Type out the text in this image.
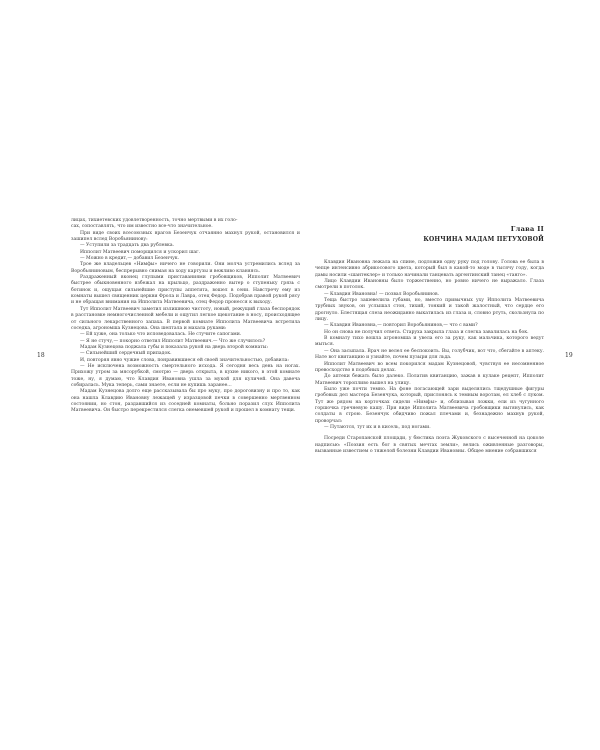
18	19

лицах, тихиетевских удовлетворенность, точно мертвыми в их голо-

сах, сопоставлять, что им известно все-что значительное.

При виде своих всесоюзных врагов Безенчук отчаянно махнул рукой, остановился и зашипел вслед Воробьянинову:

— Уступили за традцать два рублевка.

Ипполит Матвеевич поморщился и ускорил шаг.

— Можно в кредит,— добавил Безенчук.

Трое же владельцев «Нимфы» ничего не говорили. Они молча устремились вслед за Воробьяниновым, беспрерывно снимая на ходу картузы и вежливо кланяясь.

Раздраженный вконец глупыми приставаниями гробовщиков, Ипполит Матвеевич быстрее обыкновенного взбежал на крыльцо, раздраженно вытер о ступеньку грязь с ботинок и, ощущая сильнейшие приступы аппетита, вошел в сени. Навстречу ему из комнаты вышел священник церкви Фрола и Лавра, отец Федор. Подобрав правой рукой рясу и не обращая внимания на Ипполита Матвеевича, отец Федор пронесся к выходу.

Тут Ипполит Матвеевич заметил излишнюю чистоту, новый, режущий глаза беспорядок в расстановке немногочисленной мебели и ощутил легкое щекотание в носу, происходящее от сильного лекарственного запаха. В первой комнате Ипполита Матвеевича встретила соседка, агрономша Кузнецова. Она шептала и махала руками:

— Ей хуже, она только что исповедовалась. Не стучите сапогами.

— Я не стучу,— покорно ответил Ипполит Матвеевич.— Что же случилось?

Мадам Кузнецова поджала губы и показала рукой на дверь второй комнаты:

— Сильнейший сердечный припадок.

И, повторяя явно чужие слова, понравившиеся ей своей значительностью, добавила:

— Не исключена возможность смертельного исхода. Я сегодня весь день на ногах. Прихожу утром за мясорубкой, смотрю — дверь открыта, в кухне никого, в этой комнате тоже, ну, я думаю, что Клавдия Ивановна ушла за мукой для куличей. Она давеча собиралась. Мука теперь, сами знаете, если не купишь заранее...

Мадам Кузнецова долго еще рассказывала бы про муку, про дороговизну и про то, как она нашла Клавдию Ивановну лежащей у изразцовой печки в совершенно мертвенном состоянии, но стон, раздавшийся из соседней комнаты, больно поразил слух Ипполита Матвеевича. Он быстро перекрестился слегка онемевшей рукой и прошел в комнату тещи.

Глава II
КОНЧИНА МАДАМ ПЕТУХОВОЙ

Клавдия Ивановна лежала на спине, подложив одну руку под голову. Голова ее была в чепце интенсивно абрикосового цвета, который был в какой-то моде в тысячу году, когда дамы носили «шантеклер» и только начинали танцевать аргентинский танец «танго».

Лицо Клавдии Ивановны было торжественно, но ровно ничего не выражало. Глаза смотрели в потолок.

— Клавдия Ивановна! — позвал Воробьянинов.

Теща быстро зашевелила губами, но, вместо привычных уху Ипполита Матвеевича трубных звуков, он услышал стон, тихий, тонкий и такой жалостный, что сердце его дрогнуло. Блестящая слеза неожиданно выкатилась из глаза и, словно ртуть, скользнула по лицу.

— Клавдия Ивановна,— повторил Воробьянинов,— что с вами?

Но он снова не получил ответа. Старуха закрыла глаза и слегка завалилась на бок.

В комнату тихо вошла агрономша и увела его за руку, как мальчика, которого ведут мыться.

— Она засыпала. Врач не велел ее беспокоить. Вы, голубчик, вот что, сбегайте в аптеку. Нате вот квитанцию и узнайте, почем пузыри для льда.

Ипполит Матвеевич во всем покорился мадам Кузнецовой, чувствуя ее несомненное превосходство в подобных делах.

До аптеки бежать было далеко. Полатив квитанцию, зажав в кулаке рецепт, Ипполит Матвеевич торопливо вышел на улицу.

Было уже почти темно. На фоне погасающей зари выделялись тщедушные фигуры гробовых дел мастера Безенчука, который, прислонясь к темным воротам, ел хлеб с луком. Тут же рядом на корточках сидели «Нимфы» и, облизывая ложки, ели из чугунного горшочка гречневую кашу. При виде Ипполита Матвеевича гробовщики вытянулись, как солдаты в строю. Безенчук обидчиво пожал плечами и, безнадежно махнув рукой, проворчал:

— Путаются, тут их и в кисель, под ногами.

Посреди Старопанской площади, у бюстика поэта Жуковского с высеченной на цоколе надписью: «Поэзия есть бог в святых мечтах земли», велись оживленные разговоры, вызванные известием о тяжелой болезни Клавдии Ивановны. Общее мнение собравшихся
